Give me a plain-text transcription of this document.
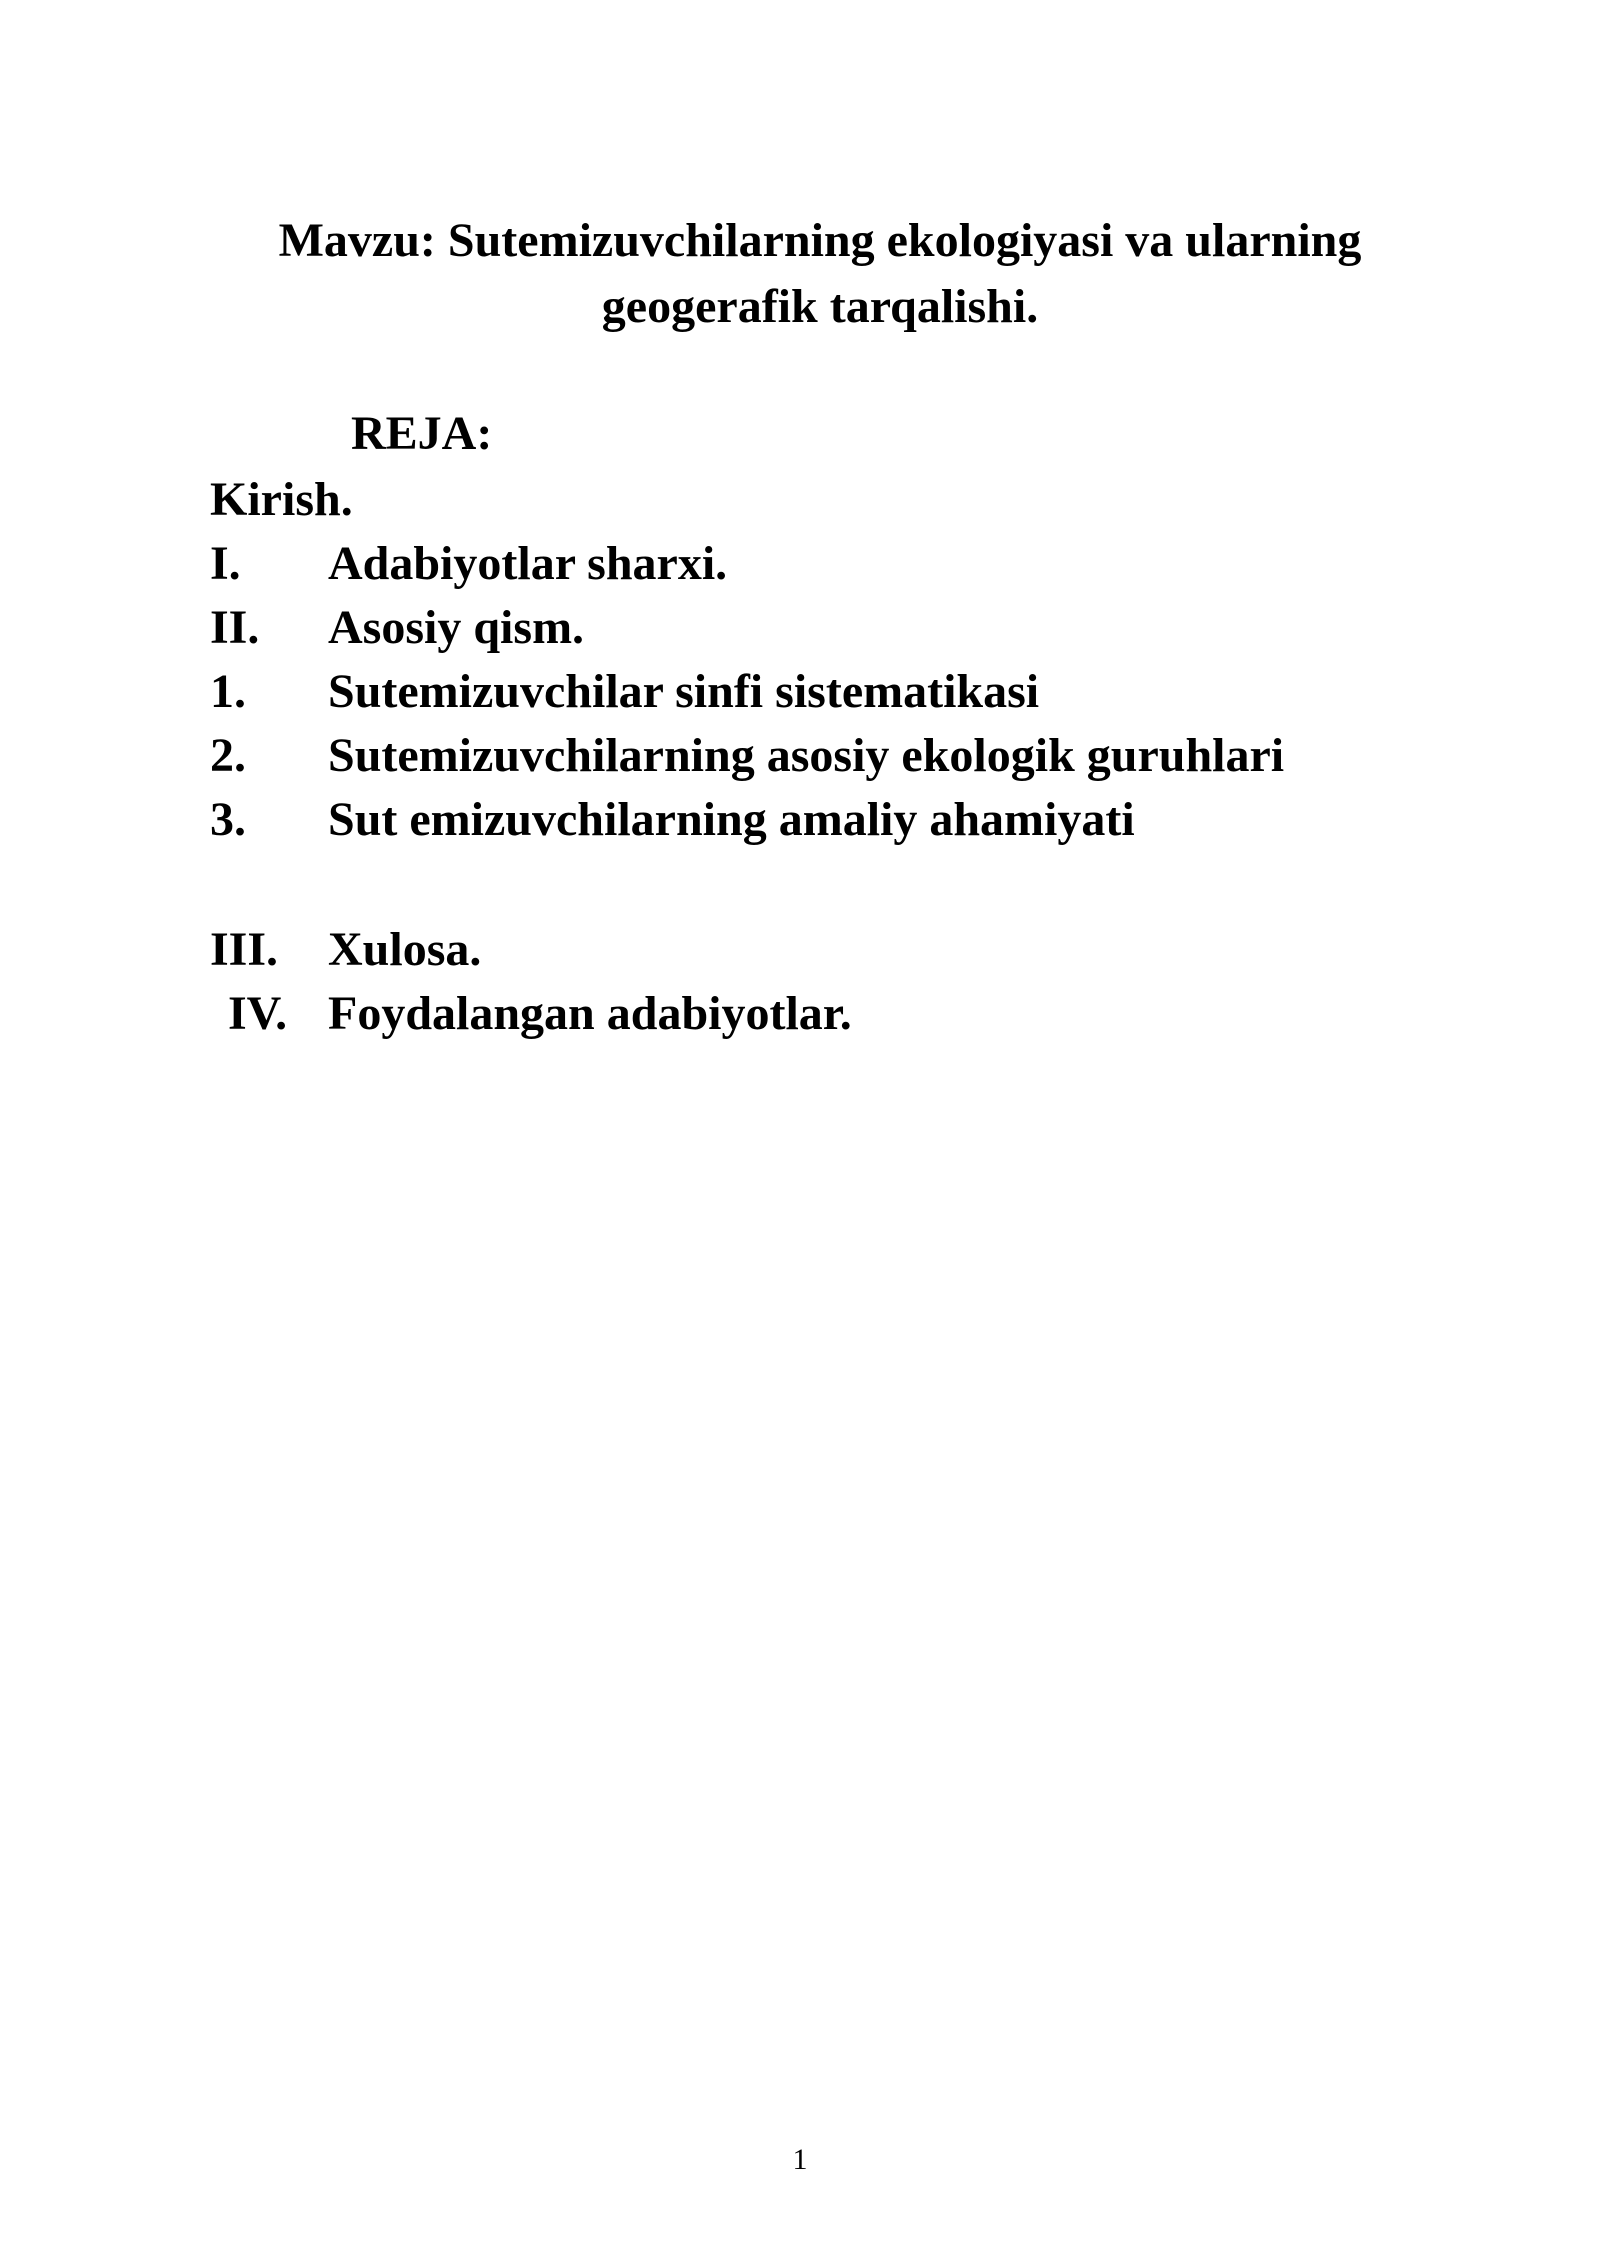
Mavzu: Sutemizuvchilarning ekologiyasi va ularning
geogerafik tarqalishi.
REJA:
Kirish.
I. Adabiyotlar sharxi.
II. Asosiy qism.
1. Sutemizuvchilar sinfi sistematikasi
2. Sutemizuvchilarning asosiy ekologik guruhlari
3. Sut emizuvchilarning amaliy ahamiyati
III. Xulosa.
IV. Foydalangan adabiyotlar.
1
